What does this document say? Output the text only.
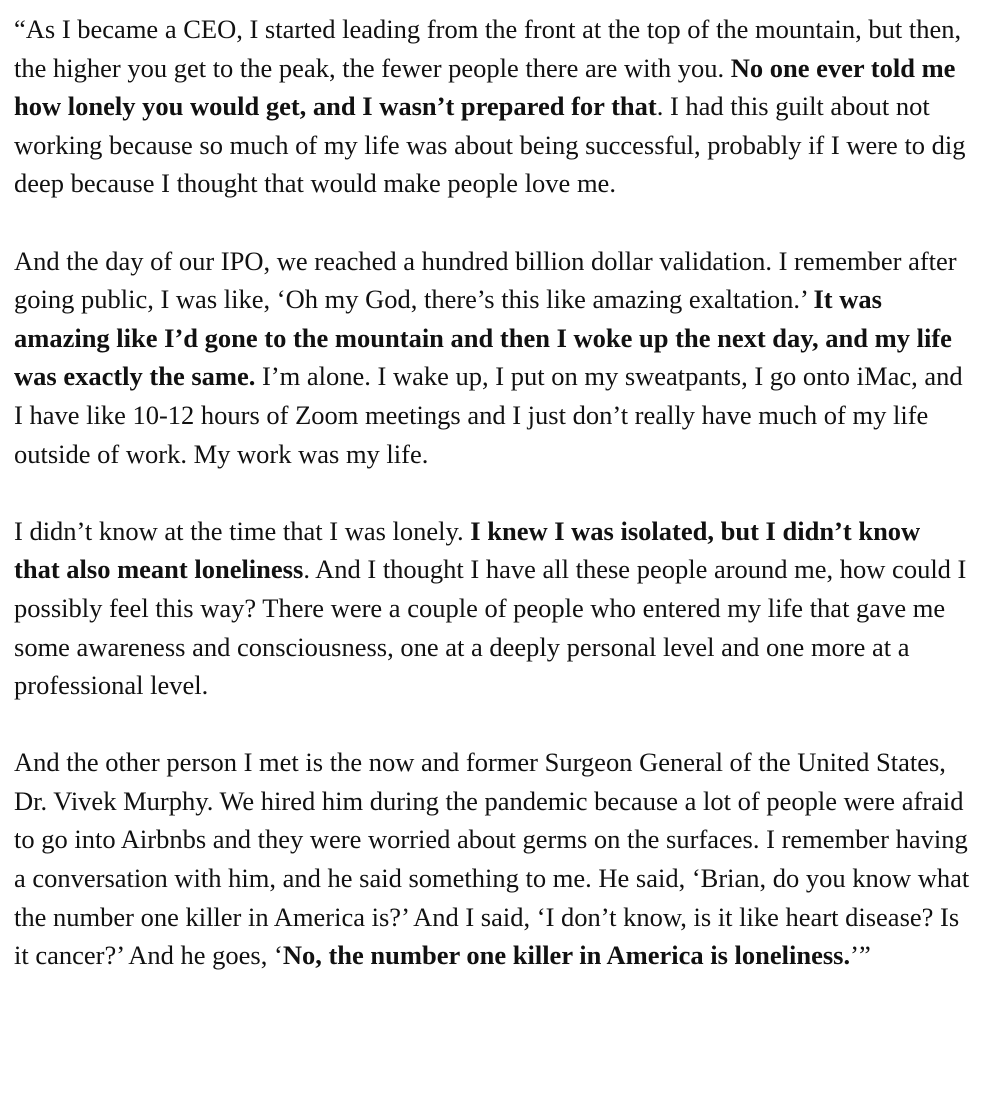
“As I became a CEO, I started leading from the front at the top of the mountain, but then, the higher you get to the peak, the fewer people there are with you. No one ever told me how lonely you would get, and I wasn’t prepared for that. I had this guilt about not working because so much of my life was about being successful, probably if I were to dig deep because I thought that would make people love me.

And the day of our IPO, we reached a hundred billion dollar validation. I remember after going public, I was like, ‘Oh my God, there’s this like amazing exaltation.’ It was amazing like I’d gone to the mountain and then I woke up the next day, and my life was exactly the same. I’m alone. I wake up, I put on my sweatpants, I go onto iMac, and I have like 10-12 hours of Zoom meetings and I just don’t really have much of my life outside of work. My work was my life.

I didn’t know at the time that I was lonely. I knew I was isolated, but I didn’t know that also meant loneliness. And I thought I have all these people around me, how could I possibly feel this way? There were a couple of people who entered my life that gave me some awareness and consciousness, one at a deeply personal level and one more at a professional level.

And the other person I met is the now and former Surgeon General of the United States, Dr. Vivek Murphy. We hired him during the pandemic because a lot of people were afraid to go into Airbnbs and they were worried about germs on the surfaces. I remember having a conversation with him, and he said something to me. He said, ‘Brian, do you know what the number one killer in America is?’ And I said, ‘I don’t know, is it like heart disease? Is it cancer?’ And he goes, ‘No, the number one killer in America is loneliness.’”
